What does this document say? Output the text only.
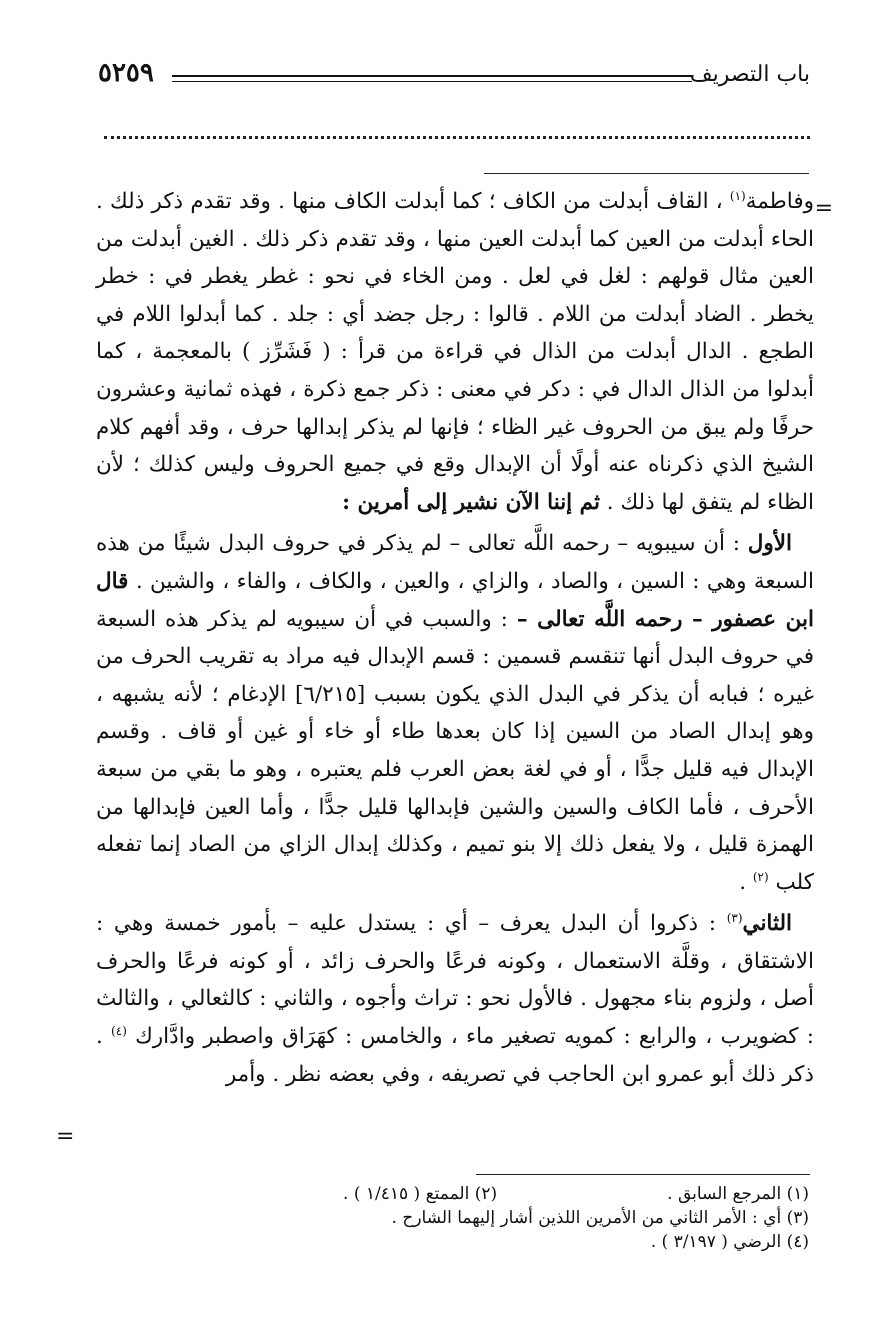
٥٢٥٩	باب التصريف
=

وفاطمة$^{(١)}$ ، القاف أبدلت من الكاف ؛ كما أبدلت الكاف منها . وقد تقدم ذكر ذلك . الحاء أبدلت من العين كما أبدلت العين منها ، وقد تقدم ذكر ذلك . الغين أبدلت من العين مثال قولهم : لغل في لعل . ومن الخاء في نحو : غطر يغطر في : خطر يخطر . الضاد أبدلت من اللام . قالوا : رجل جضد أي : جلد . كما أبدلوا اللام في الطجع . الدال أبدلت من الذال في قراءة من قرأ : ( فَشَرِّز ) بالمعجمة ، كما أبدلوا من الذال الدال في : دكر في معنى : ذكر جمع ذكرة ، فهذه ثمانية وعشرون حرفًا ولم يبق من الحروف غير الظاء ؛ فإنها لم يذكر إبدالها حرف ، وقد أفهم كلام الشيخ الذي ذكرناه عنه أولًا أن الإبدال وقع في جميع الحروف وليس كذلك ؛ لأن الظاء لم يتفق لها ذلك . ثم إننا الآن نشير إلى أمرين :

الأول : أن سيبويه – رحمه اللَّه تعالى – لم يذكر في حروف البدل شيئًا من هذه السبعة وهي : السين ، والصاد ، والزاي ، والعين ، والكاف ، والفاء ، والشين . قال ابن عصفور – رحمه اللَّه تعالى – : والسبب في أن سيبويه لم يذكر هذه السبعة في حروف البدل أنها تنقسم قسمين : قسم الإبدال فيه مراد به تقريب الحرف من غيره ؛ فبابه أن يذكر في البدل الذي يكون بسبب [٦/٢١٥] الإدغام ؛ لأنه يشبهه ، وهو إبدال الصاد من السين إذا كان بعدها طاء أو خاء أو غين أو قاف . وقسم الإبدال فيه قليل جدًّا ، أو في لغة بعض العرب فلم يعتبره ، وهو ما بقي من سبعة الأحرف ، فأما الكاف والسين والشين فإبدالها قليل جدًّا ، وأما العين فإبدالها من الهمزة قليل ، ولا يفعل ذلك إلا بنو تميم ، وكذلك إبدال الزاي من الصاد إنما تفعله كلب $^{(٢)}$ .

الثاني$^{(٣)}$ : ذكروا أن البدل يعرف – أي : يستدل عليه – بأمور خمسة وهي : الاشتقاق ، وقلَّة الاستعمال ، وكونه فرعًا والحرف زائد ، أو كونه فرعًا والحرف أصل ، ولزوم بناء مجهول . فالأول نحو : تراث وأجوه ، والثاني : كالثعالي ، والثالث : كضويرب ، والرابع : كمويه تصغير ماء ، والخامس : كهَرَاق واصطبر وادَّارك $^{(٤)}$ . ذكر ذلك أبو عمرو ابن الحاجب في تصريفه ، وفي بعضه نظر . وأمر

=
(١) المرجع السابق .
(٢) الممتع ( ١/٤١٥ ) .
(٣) أي : الأمر الثاني من الأمرين اللذين أشار إليهما الشارح .
(٤) الرضي ( ٣/١٩٧ ) .
